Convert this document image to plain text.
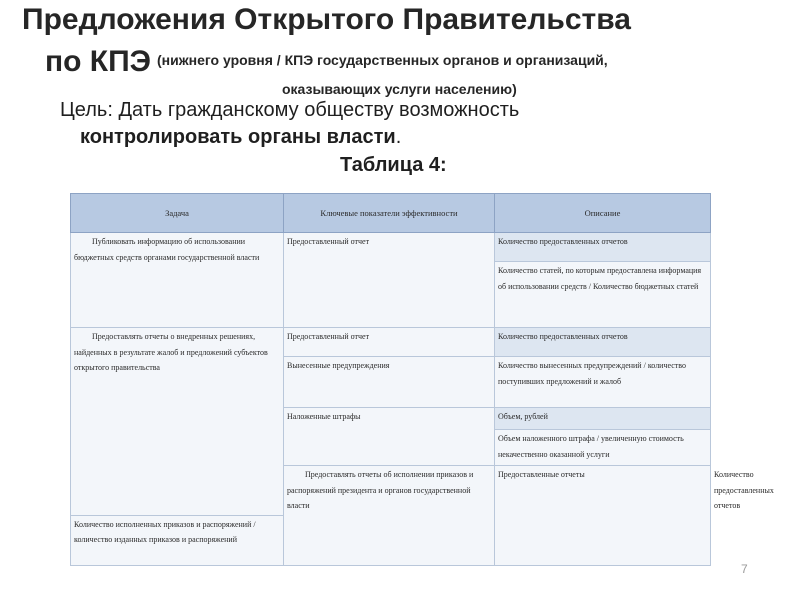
Предложения Открытого Правительства
по КПЭ $^{(нижнего уровня / КПЭ государственных органов и организаций,}$
оказывающих услуги населению)
Цель: Дать гражданскому обществу возможность
контролировать органы власти.
Таблица 4:
Задача	Ключевые показатели эффективности	Описание	
Публиковать информацию об использовании бюджетных средств органами государственной власти	Предоставленный отчет	Количество предоставленных отчетов	
		Количество статей, по которым предоставлена информация об использовании средств / Количество бюджетных статей	
Предоставлять отчеты о внедренных решениях, найденных в результате жалоб и предложений субъектов открытого правительства	Предоставленный отчет	Количество предоставленных отчетов	
	Вынесенные предупреждения	Количество вынесенных предупреждений / количество поступивших предложений и жалоб	
	Наложенные штрафы	Объем, рублей	
		Объем наложенного штрафа / увеличенную стоимость некачественно оказанной услуги	
	Предоставлять отчеты об исполнении приказов и распоряжений президента и органов государственной власти	Предоставленные отчеты	Количество предоставленных отчетов
Количество исполненных приказов и распоряжений / количество изданных приказов и распоряжений			
7
